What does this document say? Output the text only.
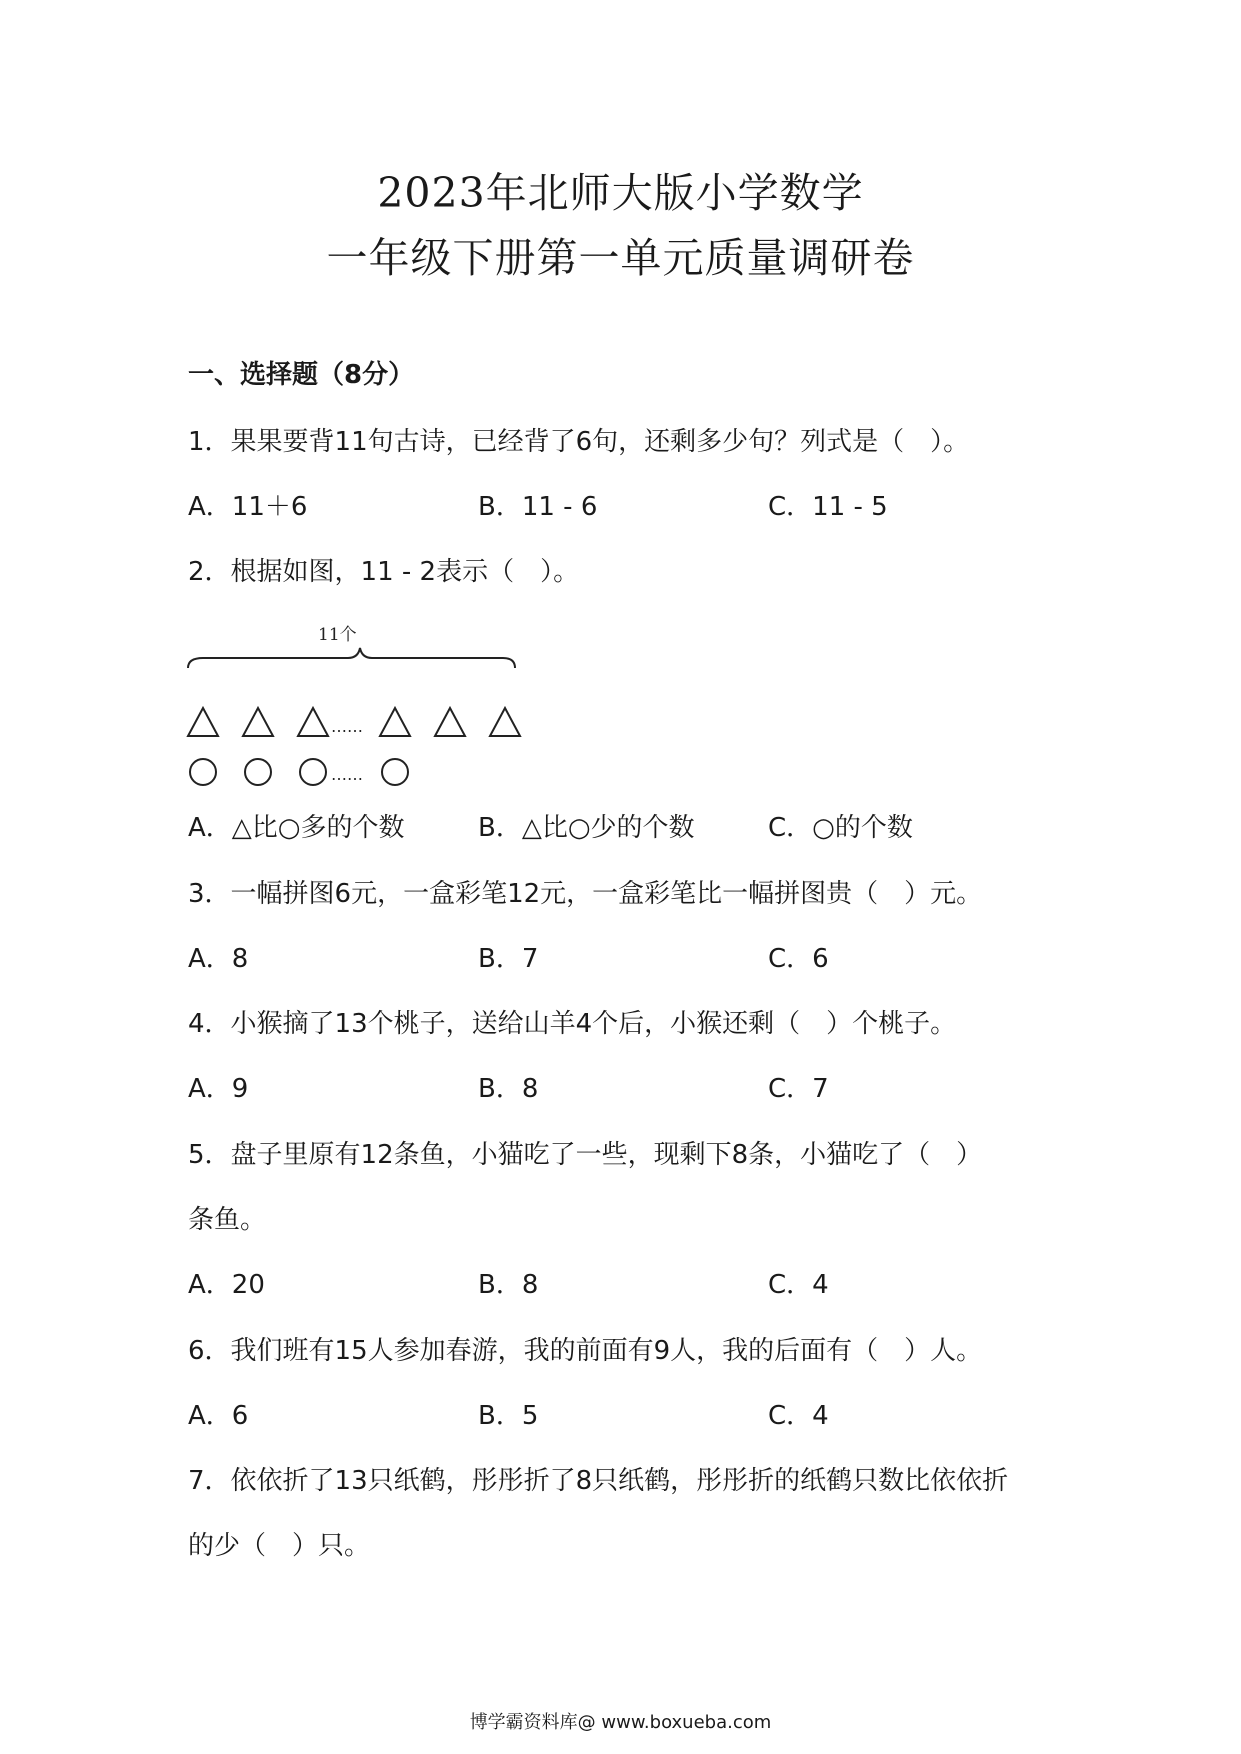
2023年北师大版小学数学
一年级下册第一单元质量调研卷
一、选择题（8分）
1．果果要背11句古诗，已经背了6句，还剩多少句？列式是（　）。
A．11＋6	B．11 - 6	C．11 - 5
2．根据如图，11 - 2表示（　）。
11个
……
……
A．△比○多的个数	B．△比○少的个数	C．○的个数
3．一幅拼图6元，一盒彩笔12元，一盒彩笔比一幅拼图贵（　）元。
A．8	B．7	C．6
4．小猴摘了13个桃子，送给山羊4个后，小猴还剩（　）个桃子。
A．9	B．8	C．7
5．盘子里原有12条鱼，小猫吃了一些，现剩下8条，小猫吃了（　）
条鱼。
A．20	B．8	C．4
6．我们班有15人参加春游，我的前面有9人，我的后面有（　）人。
A．6	B．5	C．4
7．依依折了13只纸鹤，彤彤折了8只纸鹤，彤彤折的纸鹤只数比依依折
的少（　）只。
博学霸资料库@ www.boxueba.com
